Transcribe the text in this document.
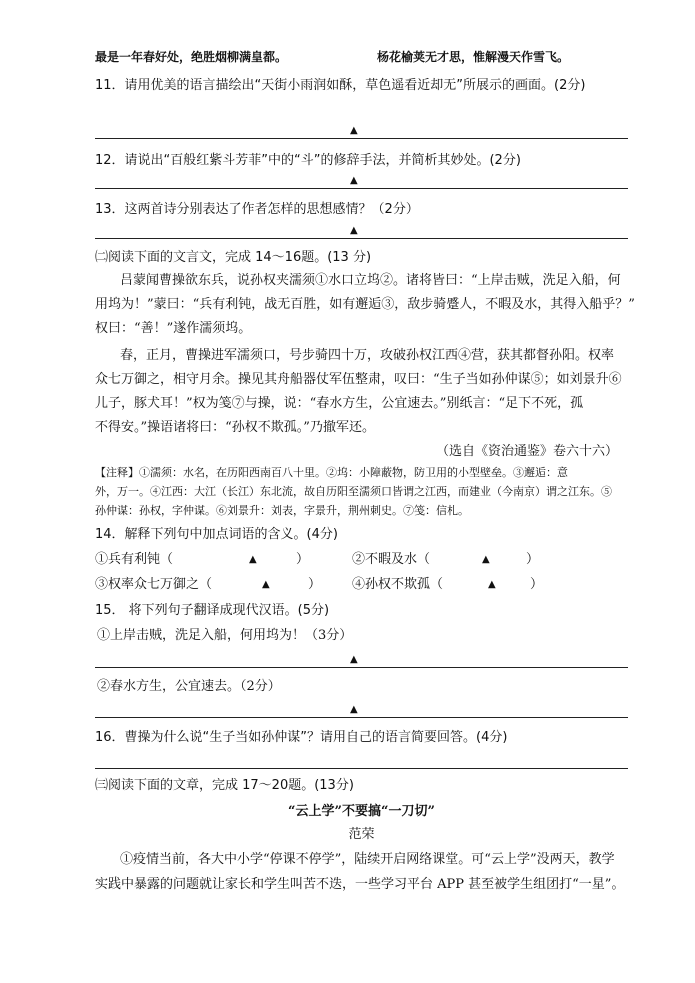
最是一年春好处，绝胜烟柳满皇都。	杨花榆荚无才思，惟解漫天作雪飞。
11．请用优美的语言描绘出“天街小雨润如酥，草色遥看近却无”所展示的画面。(2分)
▲
12．请说出“百般红紫斗芳菲”中的“斗”的修辞手法，并简析其妙处。(2分)
▲
13．这两首诗分别表达了作者怎样的思想感情？（2分）
▲
㈡阅读下面的文言文，完成 14～16题。(13 分)
吕蒙闻曹操欲东兵，说孙权夹濡须①水口立坞②。诸将皆曰：“上岸击贼，洗足入船，何
用坞为！”蒙曰：“兵有利钝，战无百胜，如有邂逅③，敌步骑蹙人，不暇及水，其得入船乎？”
权曰：“善！”遂作濡须坞。
春，正月，曹操进军濡须口，号步骑四十万，攻破孙权江西④营，获其都督孙阳。权率
众七万御之，相守月余。操见其舟船器仗军伍整肃，叹曰：“生子当如孙仲谋⑤；如刘景升⑥
儿子，豚犬耳！”权为笺⑦与操，说：“春水方生，公宜速去。”别纸言：“足下不死，孤
不得安。”操语诸将曰：“孙权不欺孤。”乃撤军还。
（选自《资治通鉴》卷六十六）
【注释】①濡须：水名，在历阳西南百八十里。②坞：小障蔽物，防卫用的小型壁垒。③邂逅：意
外，万一。④江西：大江（长江）东北流，故自历阳至濡须口皆谓之江西，而建业（今南京）谓之江东。⑤
孙仲谋：孙权，字仲谋。⑥刘景升：刘表，字景升，荆州刺史。⑦笺：信札。
14．解释下列句中加点词语的含义。(4分)
①兵有利钝（	▲	）	②不暇及水（	▲	）
③权率众七万御之（	▲	） ④孙权不欺孤（	▲	）
15． 将下列句子翻译成现代汉语。(5分)
①上岸击贼，洗足入船，何用坞为！（3分）
▲
②春水方生，公宜速去。（2分）
▲
16．曹操为什么说“生子当如孙仲谋”？请用自己的语言简要回答。(4分)
㈢阅读下面的文章，完成 17～20题。(13分)
“云上学”不要搞“一刀切”
范荣
①疫情当前，各大中小学“停课不停学”，陆续开启网络课堂。可“云上学”没两天，教学
实践中暴露的问题就让家长和学生叫苦不迭，一些学习平台 APP 甚至被学生组团打“一星”。
